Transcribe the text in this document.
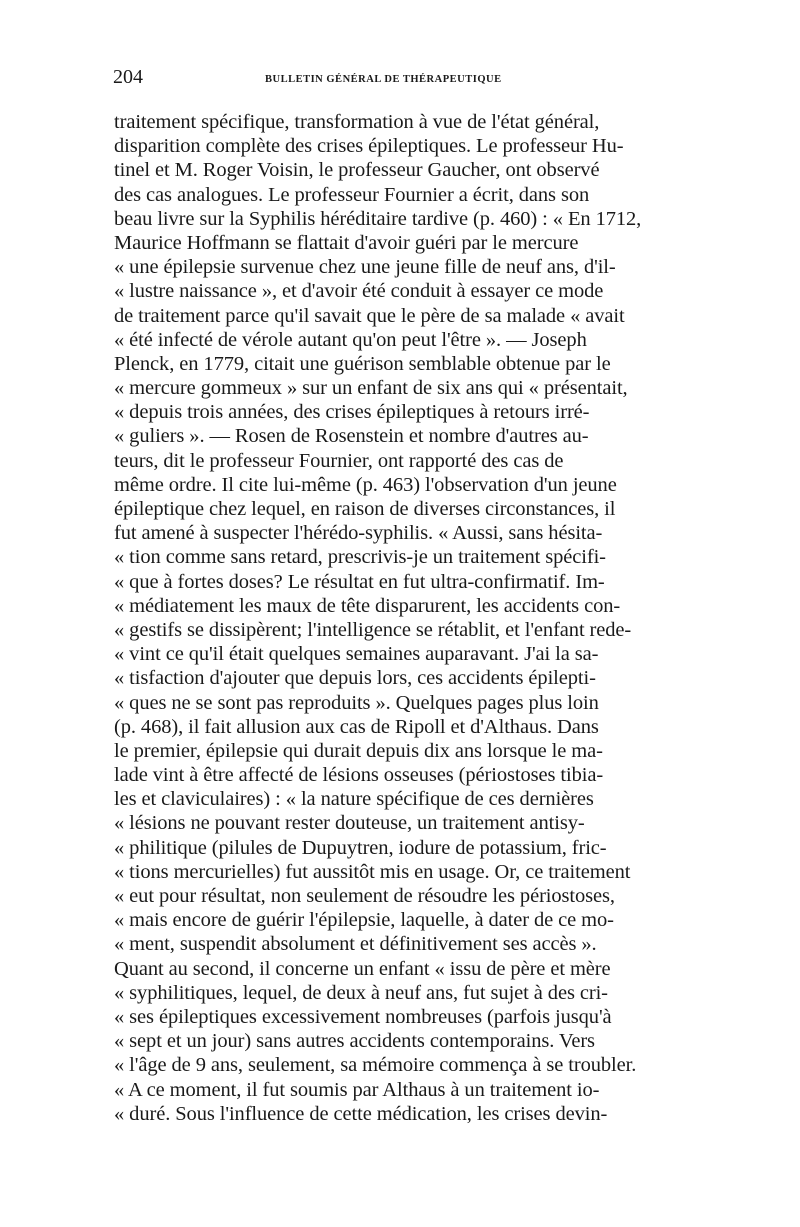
204	BULLETIN GÉNÉRAL DE THÉRAPEUTIQUE
traitement spécifique, transformation à vue de l'état général,
disparition complète des crises épileptiques. Le professeur Hu-
tinel et M. Roger Voisin, le professeur Gaucher, ont observé
des cas analogues. Le professeur Fournier a écrit, dans son
beau livre sur la Syphilis héréditaire tardive (p. 460) : « En 1712,
Maurice Hoffmann se flattait d'avoir guéri par le mercure
« une épilepsie survenue chez une jeune fille de neuf ans, d'il-
« lustre naissance », et d'avoir été conduit à essayer ce mode
de traitement parce qu'il savait que le père de sa malade « avait
« été infecté de vérole autant qu'on peut l'être ». — Joseph
Plenck, en 1779, citait une guérison semblable obtenue par le
« mercure gommeux » sur un enfant de six ans qui « présentait,
« depuis trois années, des crises épileptiques à retours irré-
« guliers ». — Rosen de Rosenstein et nombre d'autres au-
teurs, dit le professeur Fournier, ont rapporté des cas de
même ordre. Il cite lui-même (p. 463) l'observation d'un jeune
épileptique chez lequel, en raison de diverses circonstances, il
fut amené à suspecter l'hérédo-syphilis. « Aussi, sans hésita-
« tion comme sans retard, prescrivis-je un traitement spécifi-
« que à fortes doses? Le résultat en fut ultra-confirmatif. Im-
« médiatement les maux de tête disparurent, les accidents con-
« gestifs se dissipèrent; l'intelligence se rétablit, et l'enfant rede-
« vint ce qu'il était quelques semaines auparavant. J'ai la sa-
« tisfaction d'ajouter que depuis lors, ces accidents épilepti-
« ques ne se sont pas reproduits ». Quelques pages plus loin
(p. 468), il fait allusion aux cas de Ripoll et d'Althaus. Dans
le premier, épilepsie qui durait depuis dix ans lorsque le ma-
lade vint à être affecté de lésions osseuses (périostoses tibia-
les et claviculaires) : « la nature spécifique de ces dernières
« lésions ne pouvant rester douteuse, un traitement antisy-
« philitique (pilules de Dupuytren, iodure de potassium, fric-
« tions mercurielles) fut aussitôt mis en usage. Or, ce traitement
« eut pour résultat, non seulement de résoudre les périostoses,
« mais encore de guérir l'épilepsie, laquelle, à dater de ce mo-
« ment, suspendit absolument et définitivement ses accès ».
Quant au second, il concerne un enfant « issu de père et mère
« syphilitiques, lequel, de deux à neuf ans, fut sujet à des cri-
« ses épileptiques excessivement nombreuses (parfois jusqu'à
« sept et un jour) sans autres accidents contemporains. Vers
« l'âge de 9 ans, seulement, sa mémoire commença à se troubler.
« A ce moment, il fut soumis par Althaus à un traitement io-
« duré. Sous l'influence de cette médication, les crises devin-
